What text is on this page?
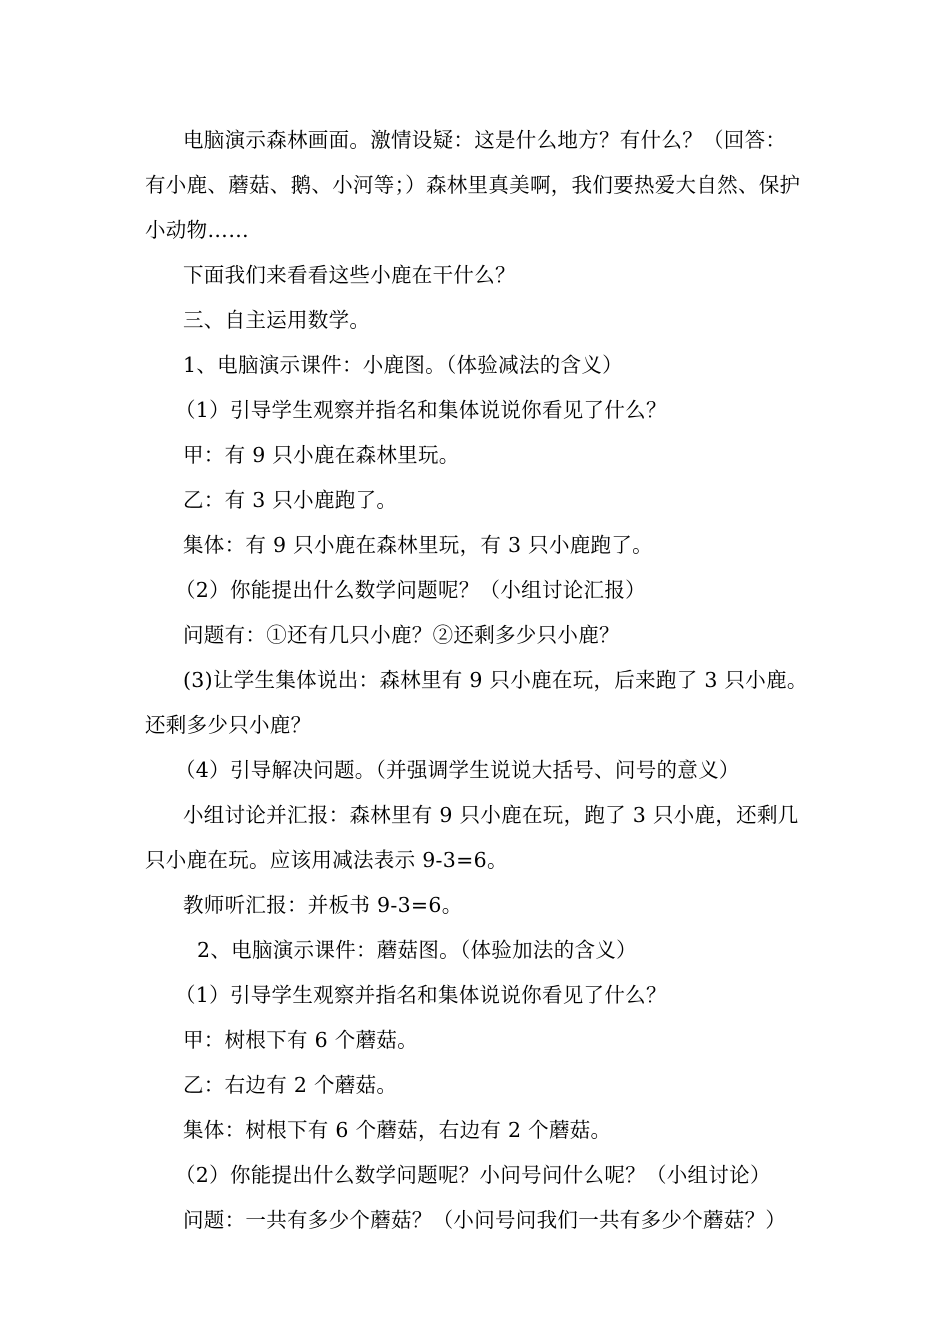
电脑演示森林画面。激情设疑：这是什么地方？有什么？（回答：

有小鹿、蘑菇、鹅、小河等；）森林里真美啊，我们要热爱大自然、保护

小动物……

下面我们来看看这些小鹿在干什么？

三、自主运用数学。

1、电脑演示课件：小鹿图。（体验减法的含义）

（1）引导学生观察并指名和集体说说你看见了什么？

甲：有 9 只小鹿在森林里玩。

乙：有 3 只小鹿跑了。

集体：有 9 只小鹿在森林里玩，有 3 只小鹿跑了。

（2）你能提出什么数学问题呢？（小组讨论汇报）

问题有：①还有几只小鹿？②还剩多少只小鹿？

(3)让学生集体说出：森林里有 9 只小鹿在玩，后来跑了 3 只小鹿。

还剩多少只小鹿？

（4）引导解决问题。（并强调学生说说大括号、问号的意义）

小组讨论并汇报：森林里有 9 只小鹿在玩，跑了 3 只小鹿，还剩几

只小鹿在玩。应该用减法表示 9-3=6。

教师听汇报：并板书 9-3=6。

2、电脑演示课件：蘑菇图。（体验加法的含义）

（1）引导学生观察并指名和集体说说你看见了什么？

甲：树根下有 6 个蘑菇。

乙：右边有 2 个蘑菇。

集体：树根下有 6 个蘑菇，右边有 2 个蘑菇。

（2）你能提出什么数学问题呢？小问号问什么呢？（小组讨论）

问题：一共有多少个蘑菇？（小问号问我们一共有多少个蘑菇？）
